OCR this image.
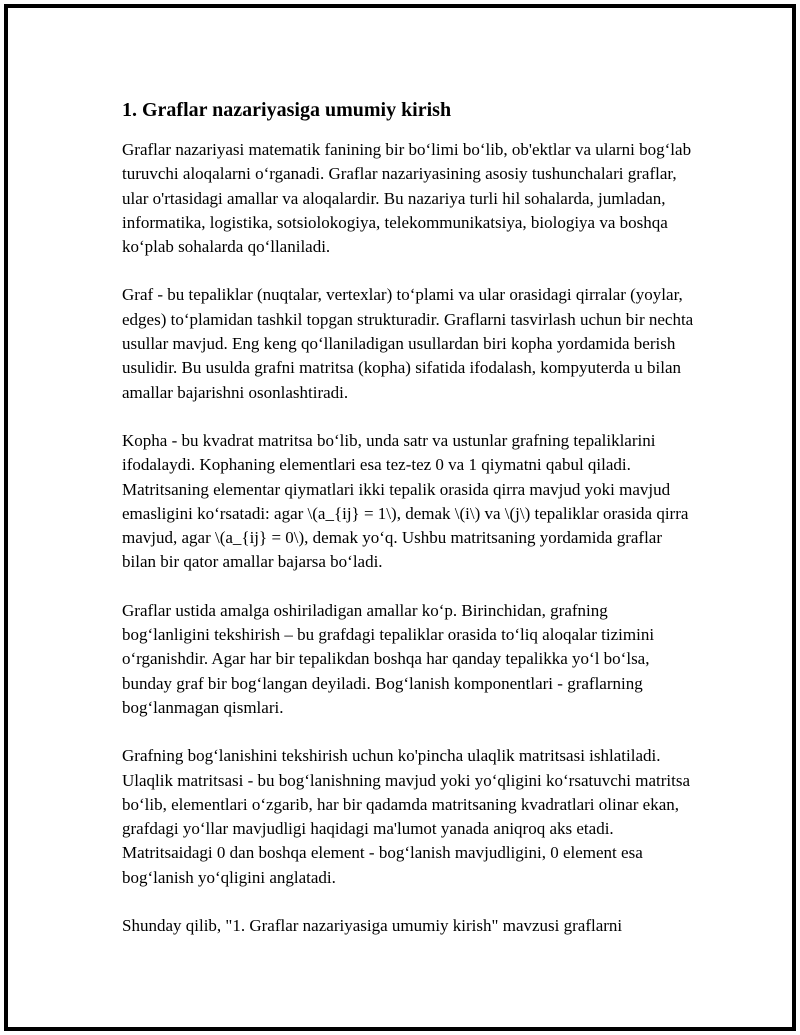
1. Graflar nazariyasiga umumiy kirish

Graflar nazariyasi matematik fanining bir bo‘limi bo‘lib, ob'ektlar va ularni bog‘lab turuvchi aloqalarni o‘rganadi. Graflar nazariyasining asosiy tushunchalari graflar, ular o'rtasidagi amallar va aloqalardir. Bu nazariya turli hil sohalarda, jumladan, informatika, logistika, sotsiolokogiya, telekommunikatsiya, biologiya va boshqa ko‘plab sohalarda qo‘llaniladi.

Graf - bu tepaliklar (nuqtalar, vertexlar) to‘plami va ular orasidagi qirralar (yoylar, edges) to‘plamidan tashkil topgan strukturadir. Graflarni tasvirlash uchun bir nechta usullar mavjud. Eng keng qo‘llaniladigan usullardan biri kopha yordamida berish usulidir. Bu usulda grafni matritsa (kopha) sifatida ifodalash, kompyuterda u bilan amallar bajarishni osonlashtiradi.

Kopha - bu kvadrat matritsa bo‘lib, unda satr va ustunlar grafning tepaliklarini ifodalaydi. Kophaning elementlari esa tez-tez 0 va 1 qiymatni qabul qiladi. Matritsaning elementar qiymatlari ikki tepalik orasida qirra mavjud yoki mavjud emasligini ko‘rsatadi: agar \(a_{ij} = 1\), demak \(i\) va \(j\) tepaliklar orasida qirra mavjud, agar \(a_{ij} = 0\), demak yo‘q. Ushbu matritsaning yordamida graflar bilan bir qator amallar bajarsa bo‘ladi.

Graflar ustida amalga oshiriladigan amallar ko‘p. Birinchidan, grafning bog‘lanligini tekshirish – bu grafdagi tepaliklar orasida to‘liq aloqalar tizimini o‘rganishdir. Agar har bir tepalikdan boshqa har qanday tepalikka yo‘l bo‘lsa, bunday graf bir bog‘langan deyiladi. Bog‘lanish komponentlari - graflarning bog‘lanmagan qismlari.

Grafning bog‘lanishini tekshirish uchun ko'pincha ulaqlik matritsasi ishlatiladi. Ulaqlik matritsasi - bu bog‘lanishning mavjud yoki yo‘qligini ko‘rsatuvchi matritsa bo‘lib, elementlari o‘zgarib, har bir qadamda matritsaning kvadratlari olinar ekan, grafdagi yo‘llar mavjudligi haqidagi ma'lumot yanada aniqroq aks etadi. Matritsaidagi 0 dan boshqa element - bog‘lanish mavjudligini, 0 element esa bog‘lanish yo‘qligini anglatadi.

Shunday qilib, "1. Graflar nazariyasiga umumiy kirish" mavzusi graflarni
